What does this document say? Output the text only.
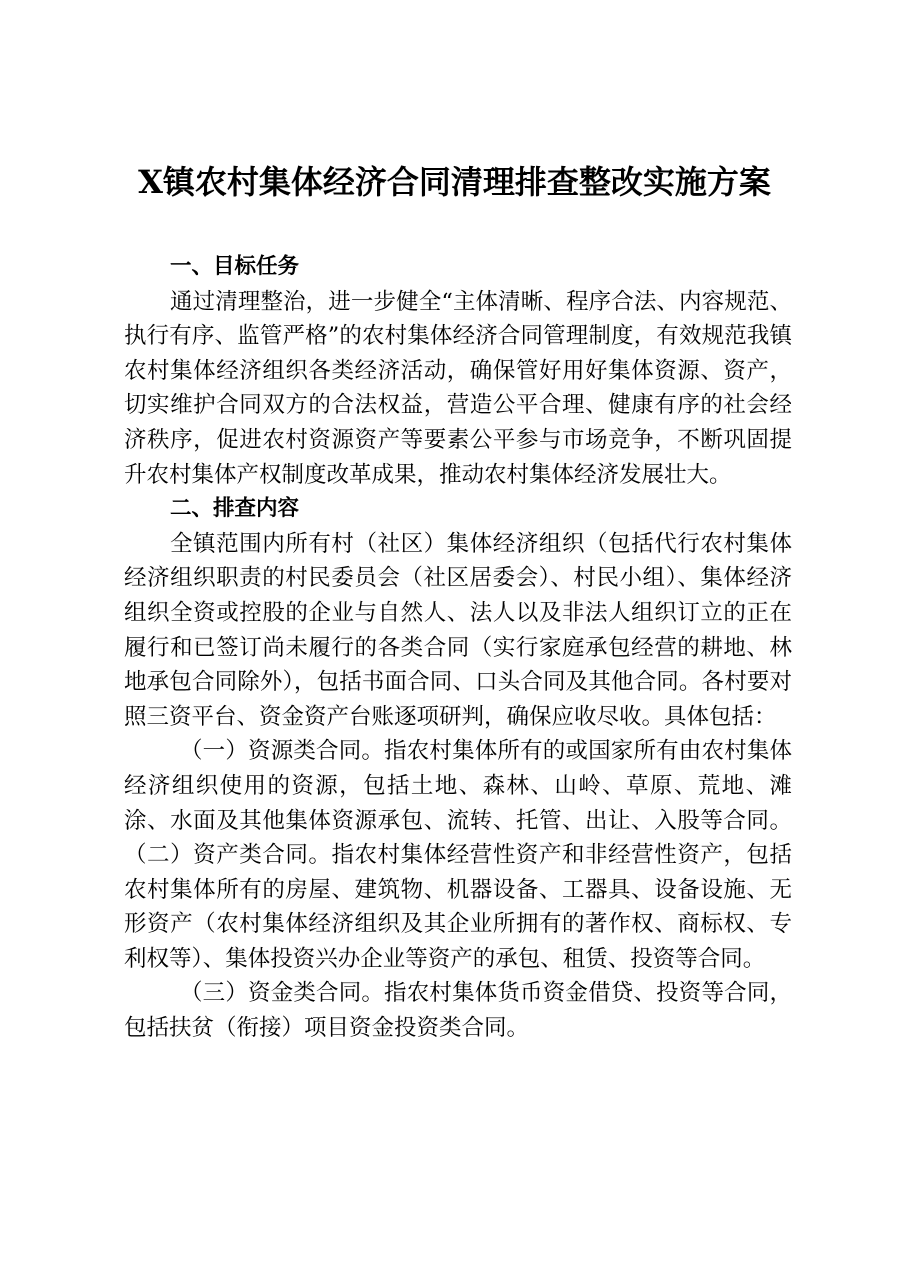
X镇农村集体经济合同清理排查整改实施方案
一、目标任务

通过清理整治，进一步健全“主体清晰、程序合法、内容规范、执行有序、监管严格”的农村集体经济合同管理制度，有效规范我镇农村集体经济组织各类经济活动，确保管好用好集体资源、资产，切实维护合同双方的合法权益，营造公平合理、健康有序的社会经济秩序，促进农村资源资产等要素公平参与市场竞争，不断巩固提升农村集体产权制度改革成果，推动农村集体经济发展壮大。

二、排查内容

全镇范围内所有村（社区）集体经济组织（包括代行农村集体经济组织职责的村民委员会（社区居委会）、村民小组）、集体经济组织全资或控股的企业与自然人、法人以及非法人组织订立的正在履行和已签订尚未履行的各类合同（实行家庭承包经营的耕地、林地承包合同除外），包括书面合同、口头合同及其他合同。各村要对照三资平台、资金资产台账逐项研判，确保应收尽收。具体包括：

（一）资源类合同。指农村集体所有的或国家所有由农村集体经济组织使用的资源，包括土地、森林、山岭、草原、荒地、滩涂、水面及其他集体资源承包、流转、托管、出让、入股等合同。（二）资产类合同。指农村集体经营性资产和非经营性资产，包括农村集体所有的房屋、建筑物、机器设备、工器具、设备设施、无形资产（农村集体经济组织及其企业所拥有的著作权、商标权、专利权等）、集体投资兴办企业等资产的承包、租赁、投资等合同。

（三）资金类合同。指农村集体货币资金借贷、投资等合同，包括扶贫（衔接）项目资金投资类合同。
